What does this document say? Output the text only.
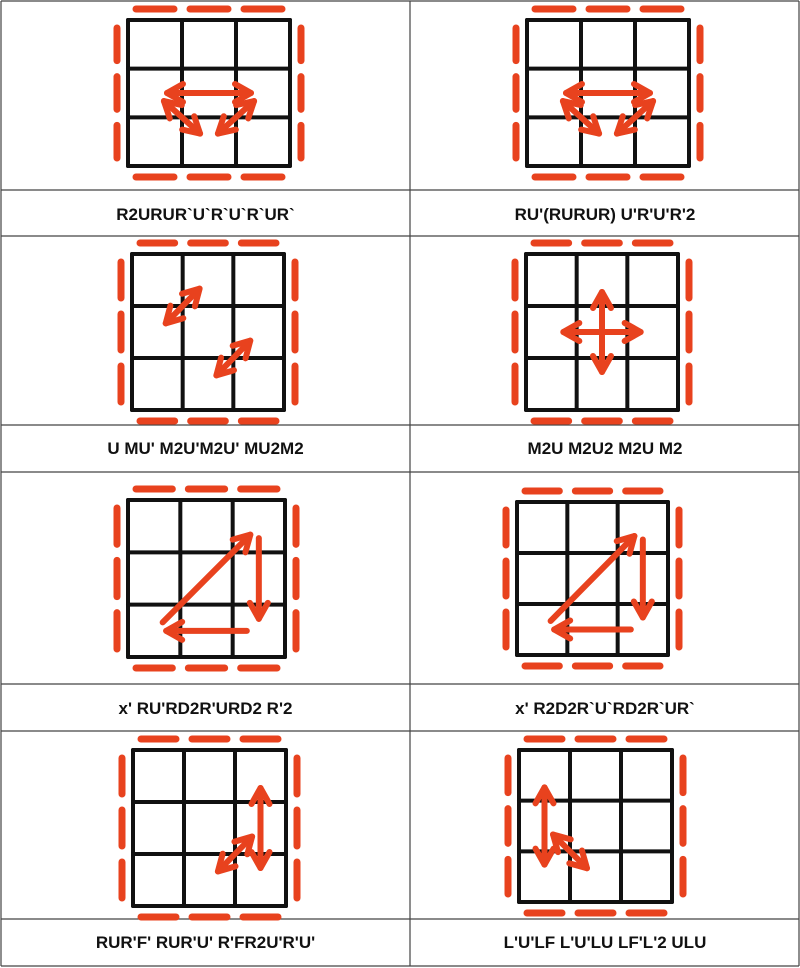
R2URUR`U`R`U`R`UR`	RU'(RURUR) U'R'U'R'2
U MU' M2U'M2U' MU2M2	M2U M2U2 M2U M2
x' RU'RD2R'URD2 R'2	x' R2D2R`U`RD2R`UR`
RUR'F' RUR'U' R'FR2U'R'U'	L'U'LF L'U'LU LF'L'2 ULU
